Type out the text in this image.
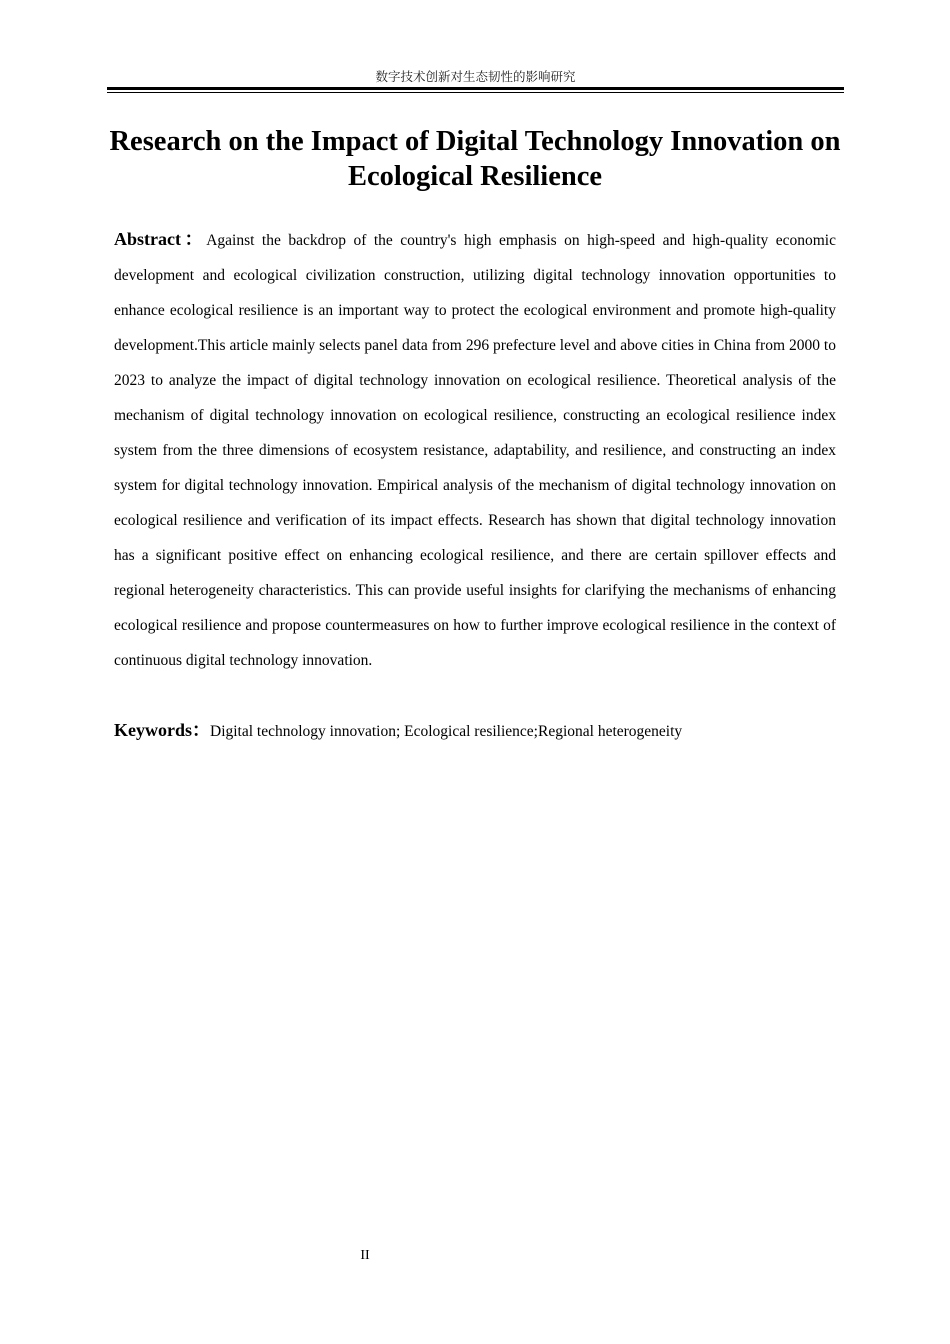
数字技术创新对生态韧性的影响研究
Research on the Impact of Digital Technology Innovation on Ecological Resilience

Abstract：Against the backdrop of the country's high emphasis on high-speed and high-quality economic development and ecological civilization construction, utilizing digital technology innovation opportunities to enhance ecological resilience is an important way to protect the ecological environment and promote high-quality development.This article mainly selects panel data from 296 prefecture level and above cities in China from 2000 to 2023 to analyze the impact of digital technology innovation on ecological resilience. Theoretical analysis of the mechanism of digital technology innovation on ecological resilience, constructing an ecological resilience index system from the three dimensions of ecosystem resistance, adaptability, and resilience, and constructing an index system for digital technology innovation. Empirical analysis of the mechanism of digital technology innovation on ecological resilience and verification of its impact effects. Research has shown that digital technology innovation has a significant positive effect on enhancing ecological resilience, and there are certain spillover effects and regional heterogeneity characteristics. This can provide useful insights for clarifying the mechanisms of enhancing ecological resilience and propose countermeasures on how to further improve ecological resilience in the context of continuous digital technology innovation.

Keywords：Digital technology innovation; Ecological resilience;Regional heterogeneity

II
